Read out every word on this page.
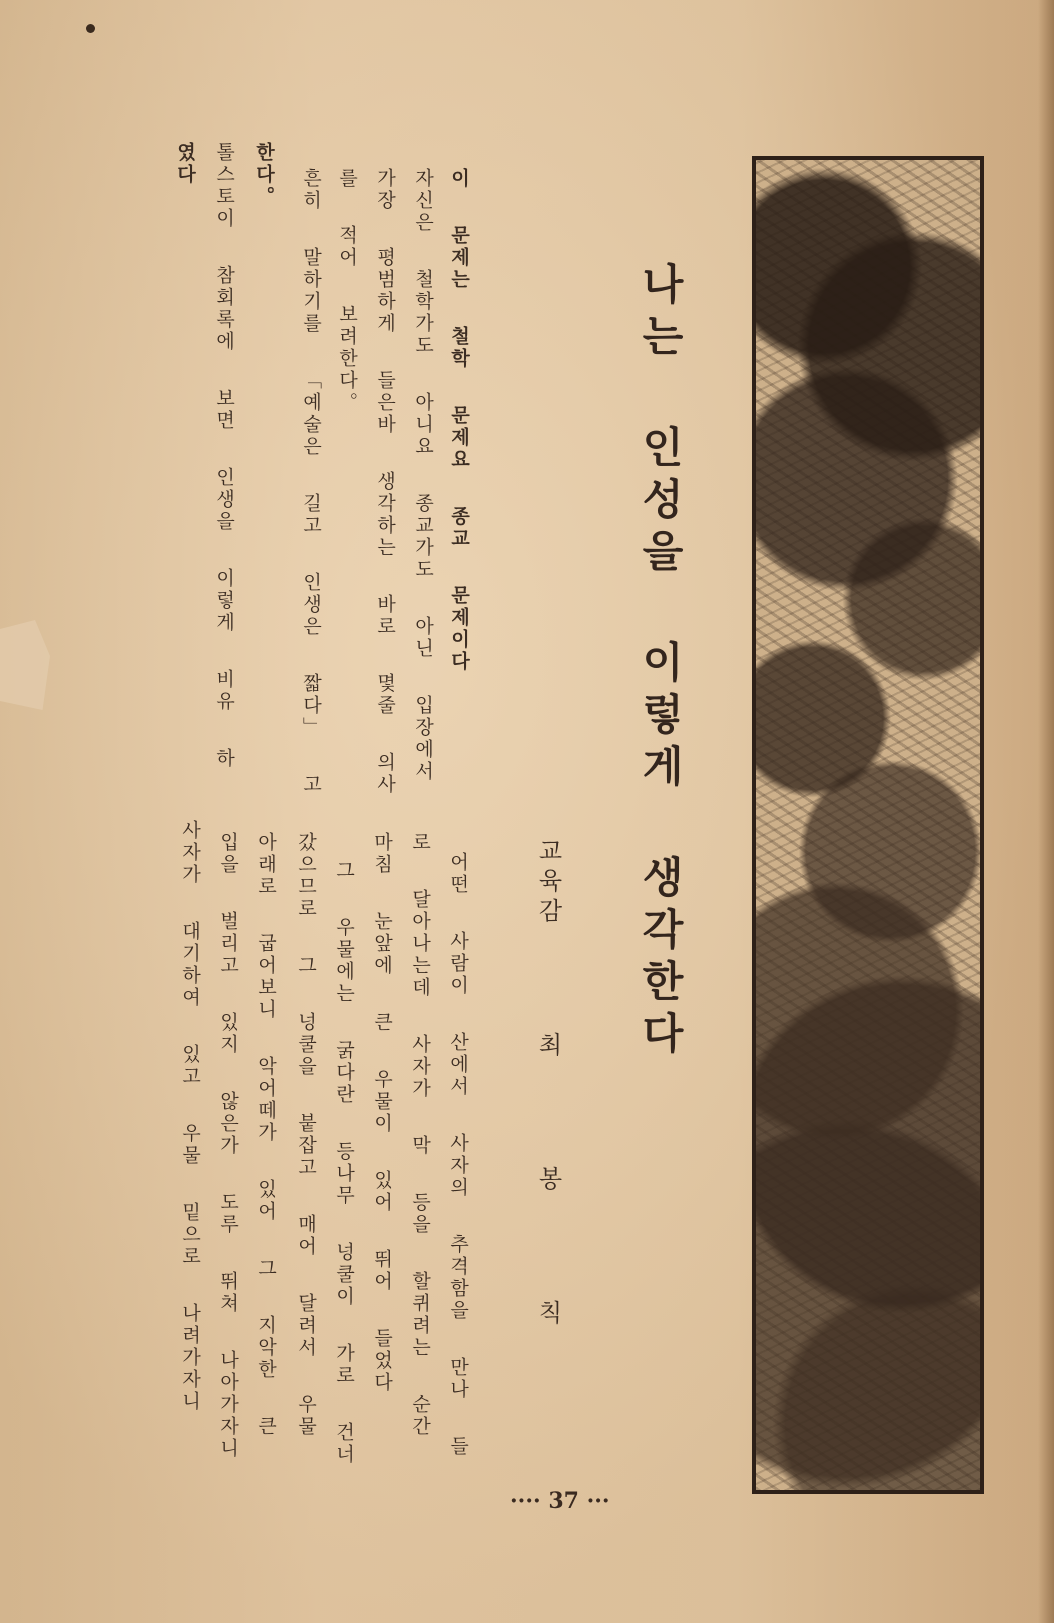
나는 인성을 이렇게 생각한다
교육감 최 봉 칙
이 문제는 철학 문제요 종교 문제이다
자신은 철학가도 아니요 종교가도 아닌 입장에서
가장 평범하게 들은바 생각하는 바로 몇줄 의사
를 적어 보려한다。
흔히 말하기를 「예술은 길고 인생은 짧다」 고
한다。
톨스토이 참회록에 보면 인생을 이렇게 비유 하
였다
어떤 사람이 산에서 사자의 추격함을 만나 들
로 달아나는데 사자가 막 등을 할퀴려는 순간
마침 눈앞에 큰 우물이 있어 뛰어 들었다
그 우물에는 굵다란 등나무 넝쿨이 가로 건너
갔으므로 그 넝쿨을 붙잡고 매어 달려서 우물
아래로 굽어보니 악어떼가 있어 그 지악한 큰
입을 벌리고 있지 않은가 도루 뛰쳐 나아가자니
사자가 대기하여 있고 우물 밑으로 나려가자니
···· 37 ···
